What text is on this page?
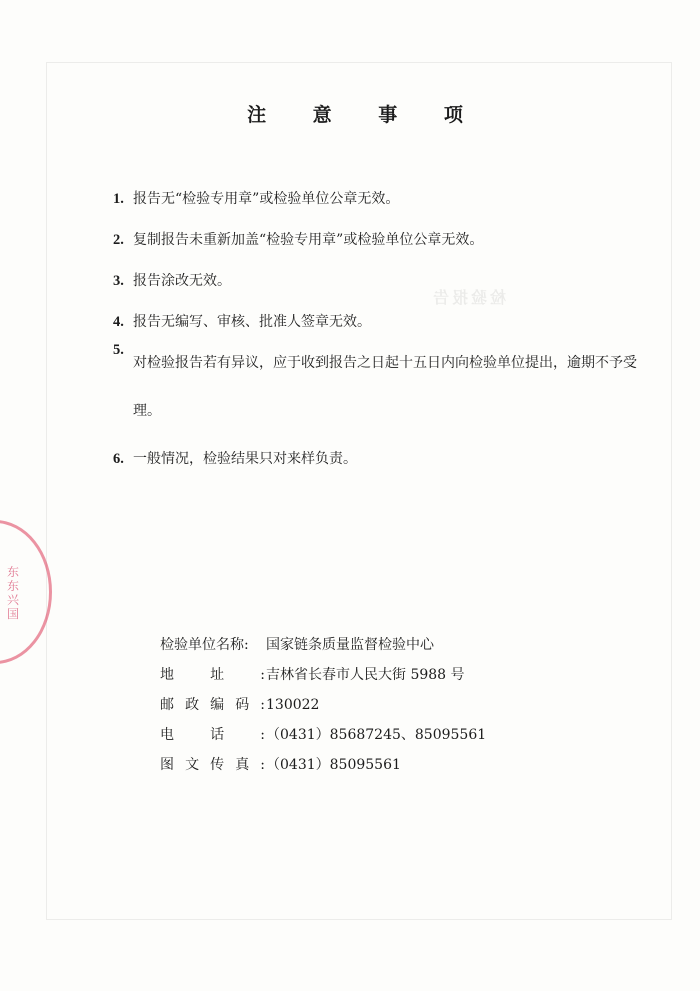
检验报告
东东兴国
注 意 事 项
1. 报告无“检验专用章”或检验单位公章无效。
2. 复制报告未重新加盖“检验专用章”或检验单位公章无效。
3. 报告涂改无效。
4. 报告无编写、审核、批准人签章无效。
5.
对检验报告若有异议，应于收到报告之日起十五日内向检验单位提出，逾期不予受理。
6. 一般情况，检验结果只对来样负责。
检验单位名称: 国家链条质量监督检验中心
地址:吉林省长春市人民大街 5988 号
邮政编码:130022
电话:（0431）85687245、85095561
图文传真:（0431）85095561
